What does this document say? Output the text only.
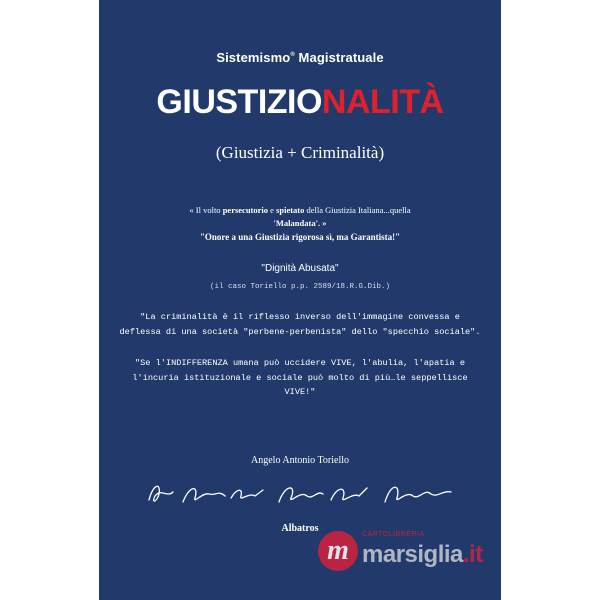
Sistemismo® Magistratuale
GIUSTIZIONALITÀ
(Giustizia + Criminalità)
« Il volto persecutorio e spietato della Giustizia Italiana...quella
'Malandata'. »
"Onore a una Giustizia rigorosa sì, ma Garantista!"
"Dignità Abusata"
(il caso Toriello p.p. 2589/18.R.G.Dib.)
"La criminalità è il riflesso inverso dell'immagine convessa e deflessa di una società "perbene-perbenista" dello "specchio sociale".
"Se l'INDIFFERENZA umana può uccidere VIVE, l'abulia, l'apatia e l'incuria istituzionale e sociale può molto di più…le seppellisce VIVE!"
Angelo Antonio Toriello
Albatros
m
CARTOLIBRERIA
marsiglia.it
